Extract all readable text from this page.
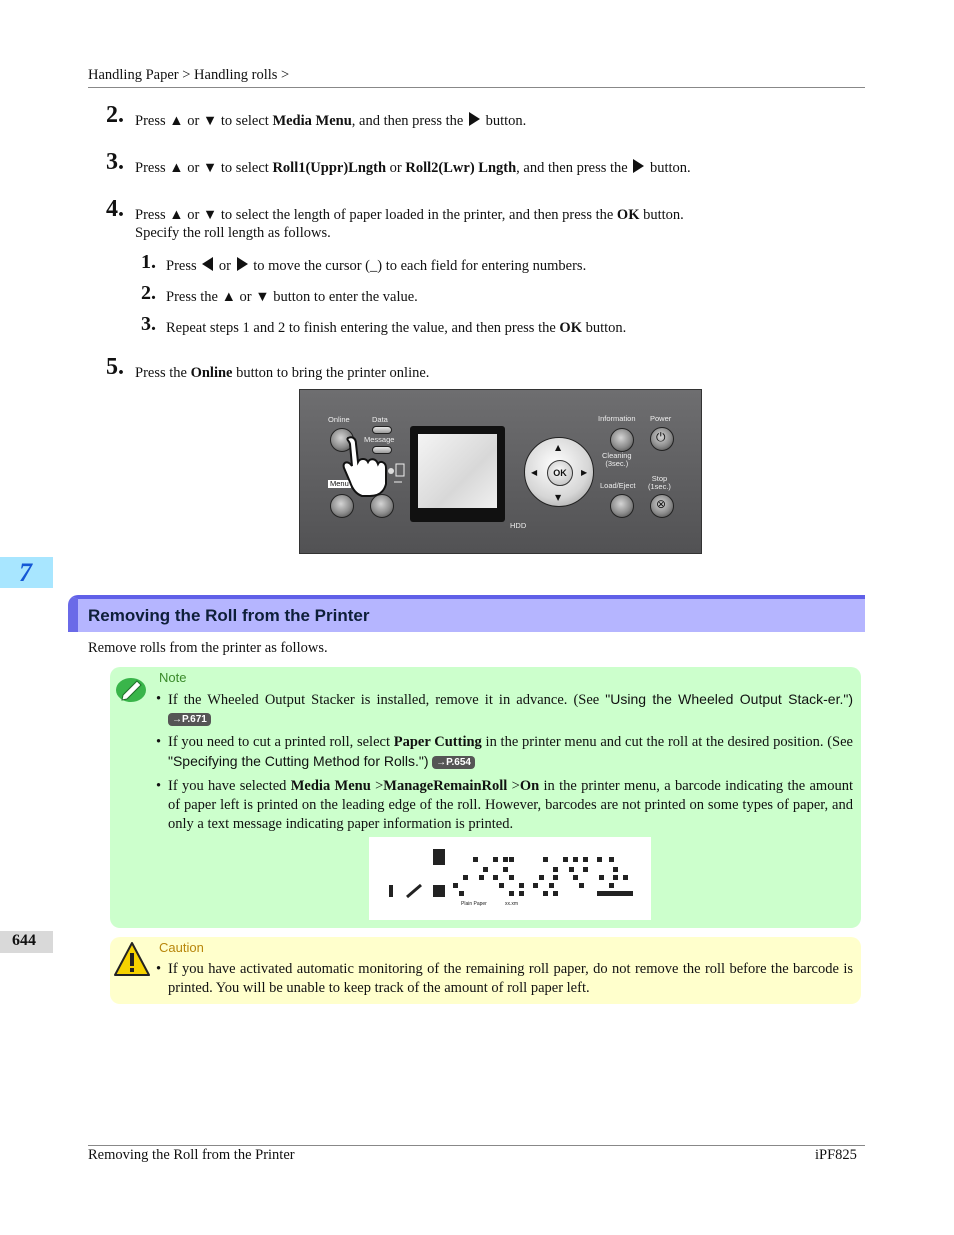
Handling Paper > Handling rolls >
2. Press ▲ or ▼ to select Media Menu, and then press the  button.
3. Press ▲ or ▼ to select Roll1(Uppr)Lngth or Roll2(Lwr) Lngth, and then press the  button.
4. Press ▲ or ▼ to select the length of paper loaded in the printer, and then press the OK button.
Specify the roll length as follows.
1. Press  or  to move the cursor (_) to each field for entering numbers.
2. Press the ▲ or ▼ button to enter the value.
3. Repeat steps 1 and 2 to finish entering the value, and then press the OK button.
5. Press the Online button to bring the printer online.
Online	Data
Message
Menu
HDD
▲
▼
◀	▶
OK
Information Power
⏻
Cleaning
(3sec.)
Stop
(1sec.)
Load/Eject
⊗
7
Removing the Roll from the Printer
Remove rolls from the printer as follows.
Note
• If the Wheeled Output Stacker is installed, remove it in advance. (See "Using the Wheeled Output Stack-er.") →P.671
• If you need to cut a printed roll, select Paper Cutting in the printer menu and cut the roll at the desired position. (See "Specifying the Cutting Method for Rolls.") →P.654
• If you have selected Media Menu >ManageRemainRoll >On in the printer menu, a barcode indicating the amount of paper left is printed on the leading edge of the roll. However, barcodes are not printed on some types of paper, and only a text message indicating paper information is printed.
Plain Paper	xx.xm
644	Caution
• If you have activated automatic monitoring of the remaining roll paper, do not remove the roll before the barcode is printed. You will be unable to keep track of the amount of roll paper left.
Removing the Roll from the Printer	iPF825
